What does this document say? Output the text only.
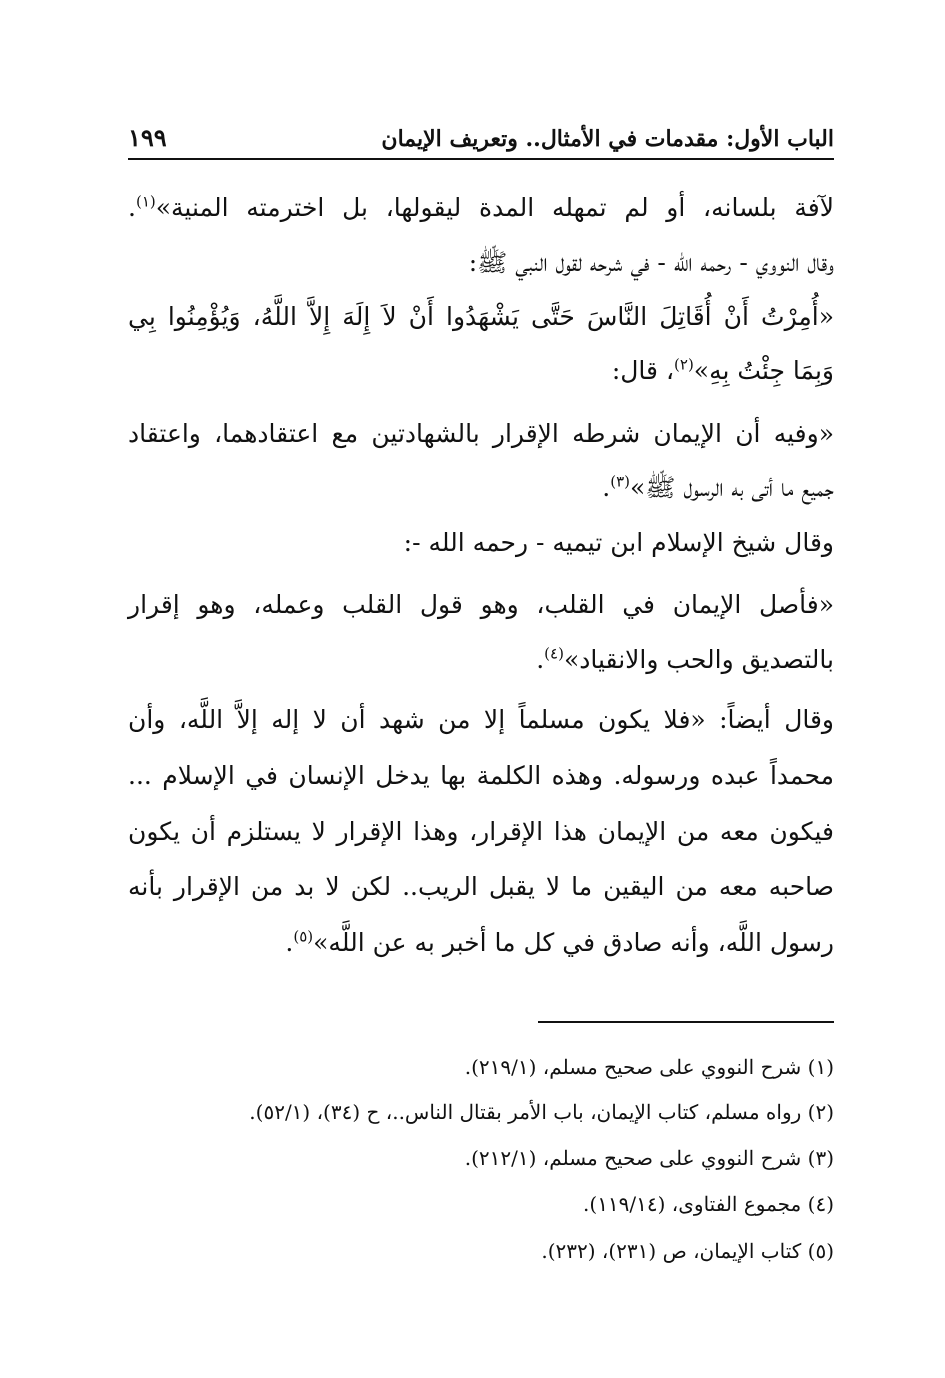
الباب الأول: مقدمات في الأمثال.. وتعريف الإيمان
١٩٩
لآفة بلسانه، أو لم تمهله المدة ليقولها، بل اخترمته المنية»$^{(١)}$.
وقال النووي - رحمه الله - في شرحه لقول النبي ﷺ:
«أُمِرْتُ أَنْ أُقَاتِلَ النَّاسَ حَتَّى يَشْهَدُوا أَنْ لاَ إِلَهَ إِلاَّ اللَّهُ، وَيُؤْمِنُوا بِي
وَبِمَا جِئْتُ بِهِ»$^{(٢)}$، قال:
«وفيه أن الإيمان شرطه الإقرار بالشهادتين مع اعتقادهما، واعتقاد
جميع ما أتى به الرسول ﷺ»$^{(٣)}$.
وقال شيخ الإسلام ابن تيميه - رحمه الله -:
«فأصل الإيمان في القلب، وهو قول القلب وعمله، وهو إقرار
بالتصديق والحب والانقياد»$^{(٤)}$.
وقال أيضاً: «فلا يكون مسلماً إلا من شهد أن لا إله إلاَّ اللَّه، وأن
محمداً عبده ورسوله. وهذه الكلمة بها يدخل الإنسان في الإسلام ...
فيكون معه من الإيمان هذا الإقرار، وهذا الإقرار لا يستلزم أن يكون
صاحبه معه من اليقين ما لا يقبل الريب.. لكن لا بد من الإقرار بأنه
رسول اللَّه، وأنه صادق في كل ما أخبر به عن اللَّه»$^{(٥)}$.
(١) شرح النووي على صحيح مسلم، (٢١٩/١).
(٢) رواه مسلم، كتاب الإيمان، باب الأمر بقتال الناس..، ح (٣٤)، (٥٢/١).
(٣) شرح النووي على صحيح مسلم، (٢١٢/١).
(٤) مجموع الفتاوى، (١١٩/١٤).
(٥) كتاب الإيمان، ص (٢٣١)، (٢٣٢).
